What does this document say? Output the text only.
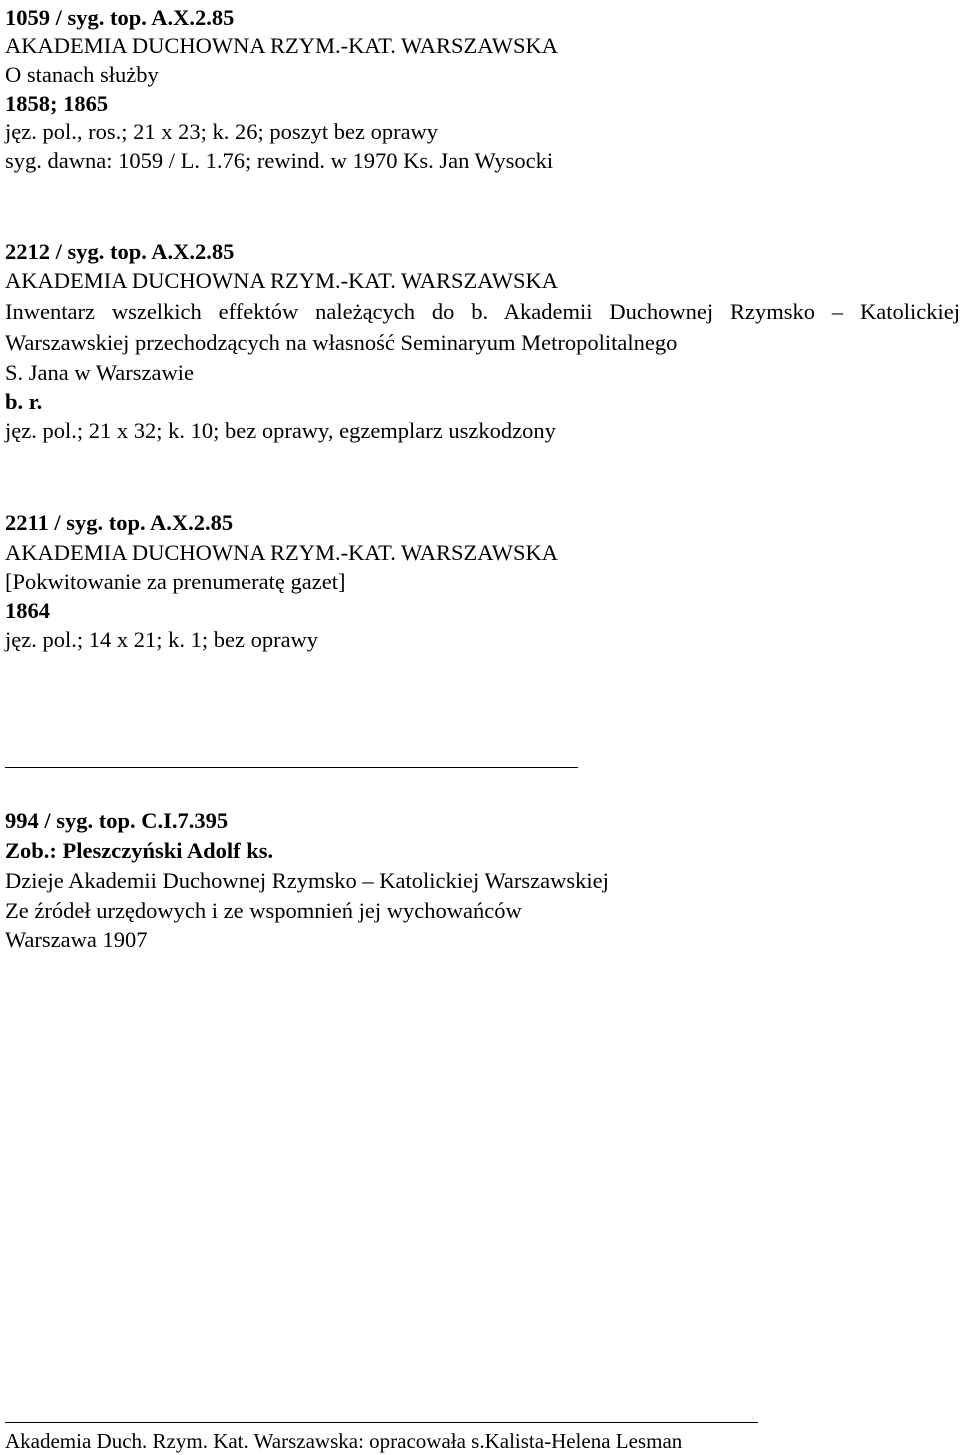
1059 / syg. top. A.X.2.85

AKADEMIA DUCHOWNA RZYM.-KAT. WARSZAWSKA

O stanach służby

1858; 1865

jęz. pol., ros.; 21 x 23; k. 26; poszyt bez oprawy

syg. dawna: 1059 / L. 1.76; rewind. w 1970 Ks. Jan Wysocki

2212 / syg. top. A.X.2.85

AKADEMIA DUCHOWNA RZYM.-KAT. WARSZAWSKA

Inwentarz wszelkich effektów należących do b. Akademii Duchownej Rzymsko – Katolickiej

Warszawskiej przechodzących na własność Seminaryum Metropolitalnego

S. Jana w Warszawie

b. r.

jęz. pol.; 21 x 32; k. 10; bez oprawy, egzemplarz uszkodzony

2211 / syg. top. A.X.2.85

AKADEMIA DUCHOWNA RZYM.-KAT. WARSZAWSKA

[Pokwitowanie za prenumeratę gazet]

1864

jęz. pol.; 14 x 21; k. 1; bez oprawy

994 / syg. top. C.I.7.395

Zob.: Pleszczyński Adolf ks.

Dzieje Akademii Duchownej Rzymsko – Katolickiej Warszawskiej

Ze źródeł urzędowych i ze wspomnień jej wychowańców

Warszawa 1907

Akademia Duch. Rzym. Kat. Warszawska: opracowała s.Kalista-Helena Lesman
